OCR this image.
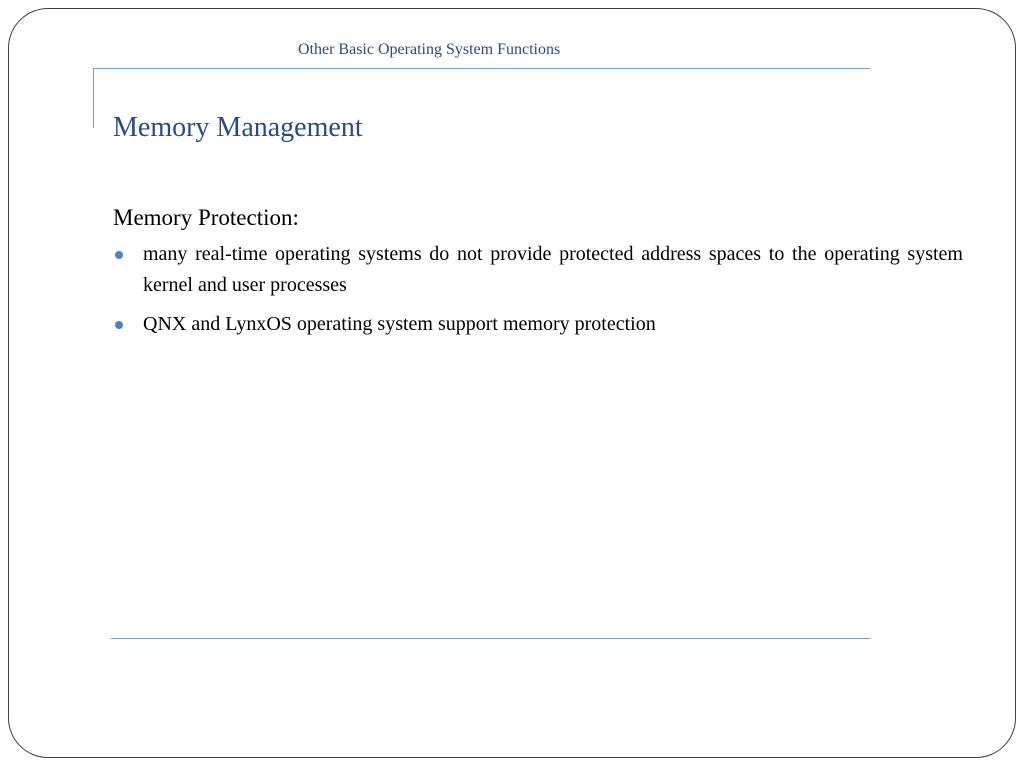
Other Basic Operating System Functions
Memory Management
Memory Protection:
many real-time operating systems do not provide protected address spaces to the operating system kernel and user processes
QNX and LynxOS operating system support memory protection
